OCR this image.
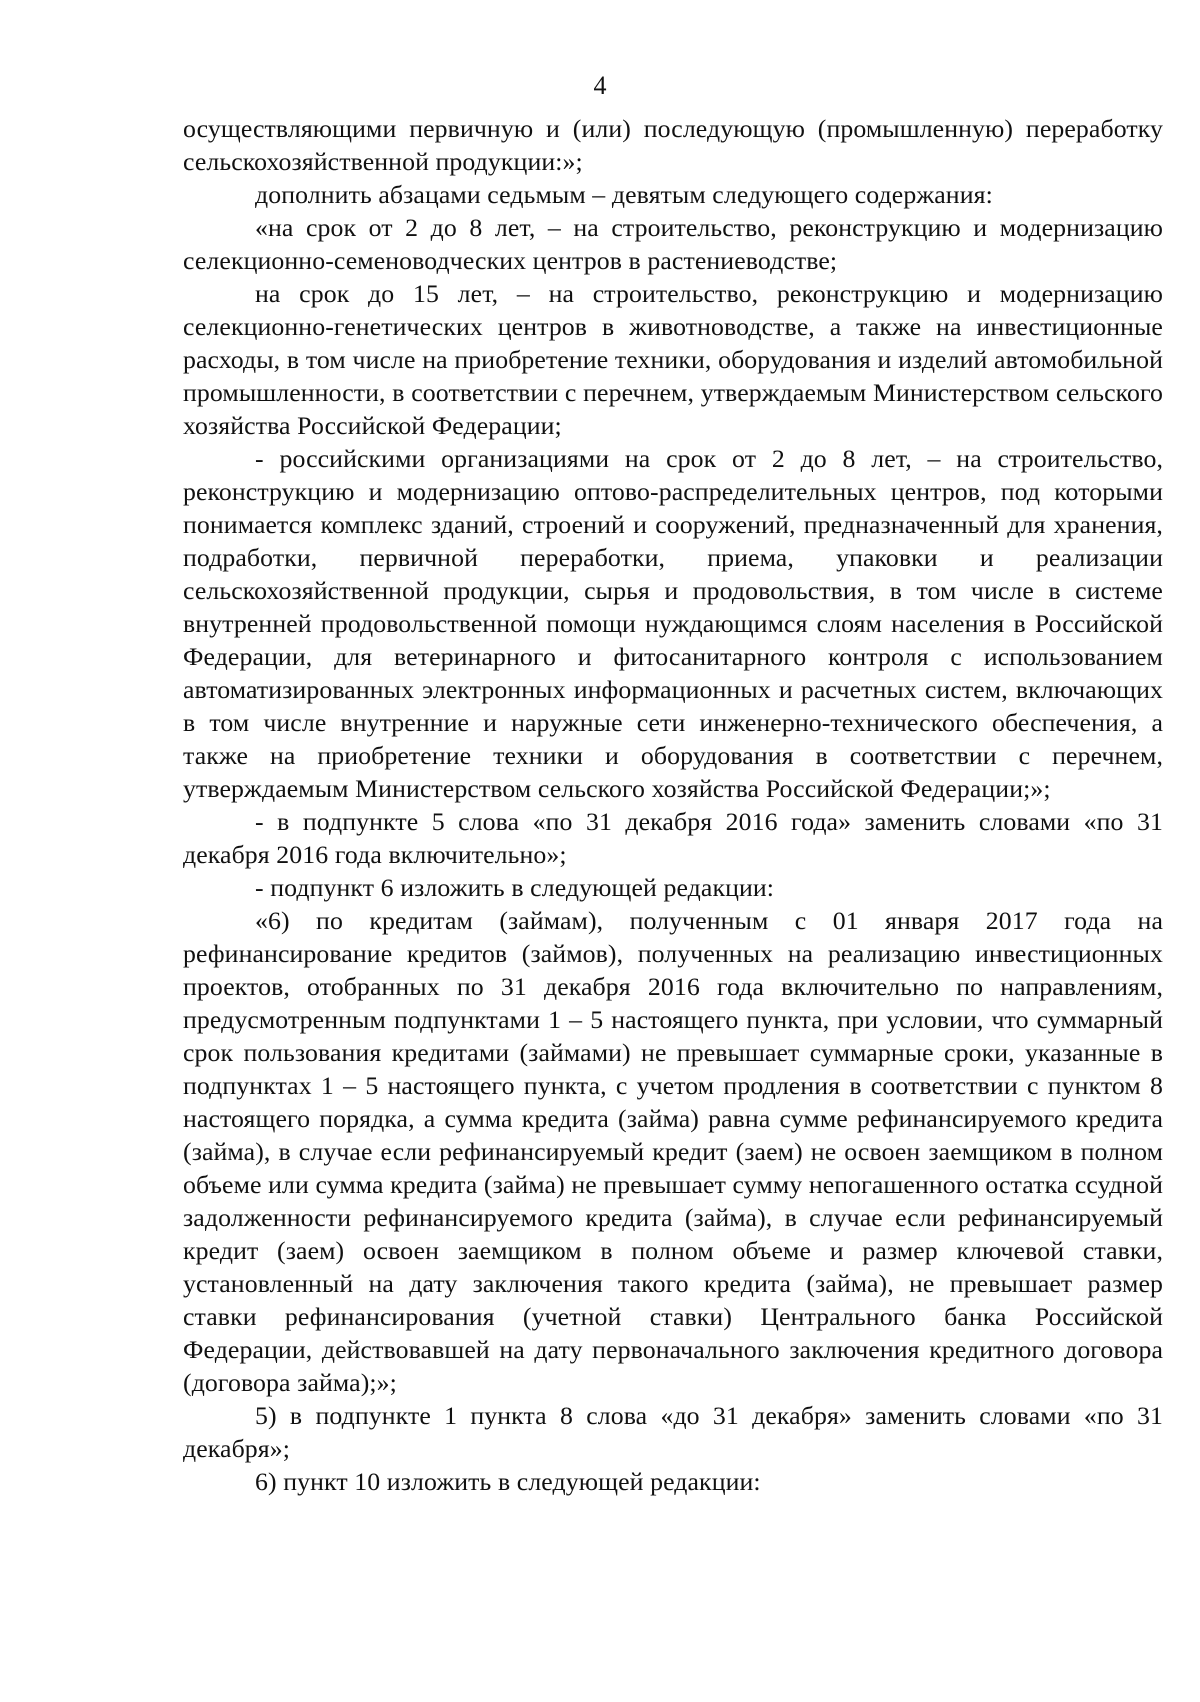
4

осуществляющими первичную и (или) последующую (промышленную) переработку сельскохозяйственной продукции:»;

дополнить абзацами седьмым – девятым следующего содержания:

«на срок от 2 до 8 лет, – на строительство, реконструкцию и модернизацию селекционно-семеноводческих центров в растениеводстве;

на срок до 15 лет, – на строительство, реконструкцию и модернизацию селекционно-генетических центров в животноводстве, а также на инвестиционные расходы, в том числе на приобретение техники, оборудования и изделий автомобильной промышленности, в соответствии с перечнем, утверждаемым Министерством сельского хозяйства Российской Федерации;

- российскими организациями на срок от 2 до 8 лет, – на строительство, реконструкцию и модернизацию оптово-распределительных центров, под которыми понимается комплекс зданий, строений и сооружений, предназначенный для хранения, подработки, первичной переработки, приема, упаковки и реализации сельскохозяйственной продукции, сырья и продовольствия, в том числе в системе внутренней продовольственной помощи нуждающимся слоям населения в Российской Федерации, для ветеринарного и фитосанитарного контроля с использованием автоматизированных электронных информационных и расчетных систем, включающих в том числе внутренние и наружные сети инженерно-технического обеспечения, а также на приобретение техники и оборудования в соответствии с перечнем, утверждаемым Министерством сельского хозяйства Российской Федерации;»;

- в подпункте 5 слова «по 31 декабря 2016 года» заменить словами «по 31 декабря 2016 года включительно»;

- подпункт 6 изложить в следующей редакции:

«6) по кредитам (займам), полученным с 01 января 2017 года на рефинансирование кредитов (займов), полученных на реализацию инвестиционных проектов, отобранных по 31 декабря 2016 года включительно по направлениям, предусмотренным подпунктами 1 – 5 настоящего пункта, при условии, что суммарный срок пользования кредитами (займами) не превышает суммарные сроки, указанные в подпунктах 1 – 5 настоящего пункта, с учетом продления в соответствии с пунктом 8 настоящего порядка, а сумма кредита (займа) равна сумме рефинансируемого кредита (займа), в случае если рефинансируемый кредит (заем) не освоен заемщиком в полном объеме или сумма кредита (займа) не превышает сумму непогашенного остатка ссудной задолженности рефинансируемого кредита (займа), в случае если рефинансируемый кредит (заем) освоен заемщиком в полном объеме и размер ключевой ставки, установленный на дату заключения такого кредита (займа), не превышает размер ставки рефинансирования (учетной ставки) Центрального банка Российской Федерации, действовавшей на дату первоначального заключения кредитного договора (договора займа);»;

5) в подпункте 1 пункта 8 слова «до 31 декабря» заменить словами «по 31 декабря»;

6) пункт 10 изложить в следующей редакции:
